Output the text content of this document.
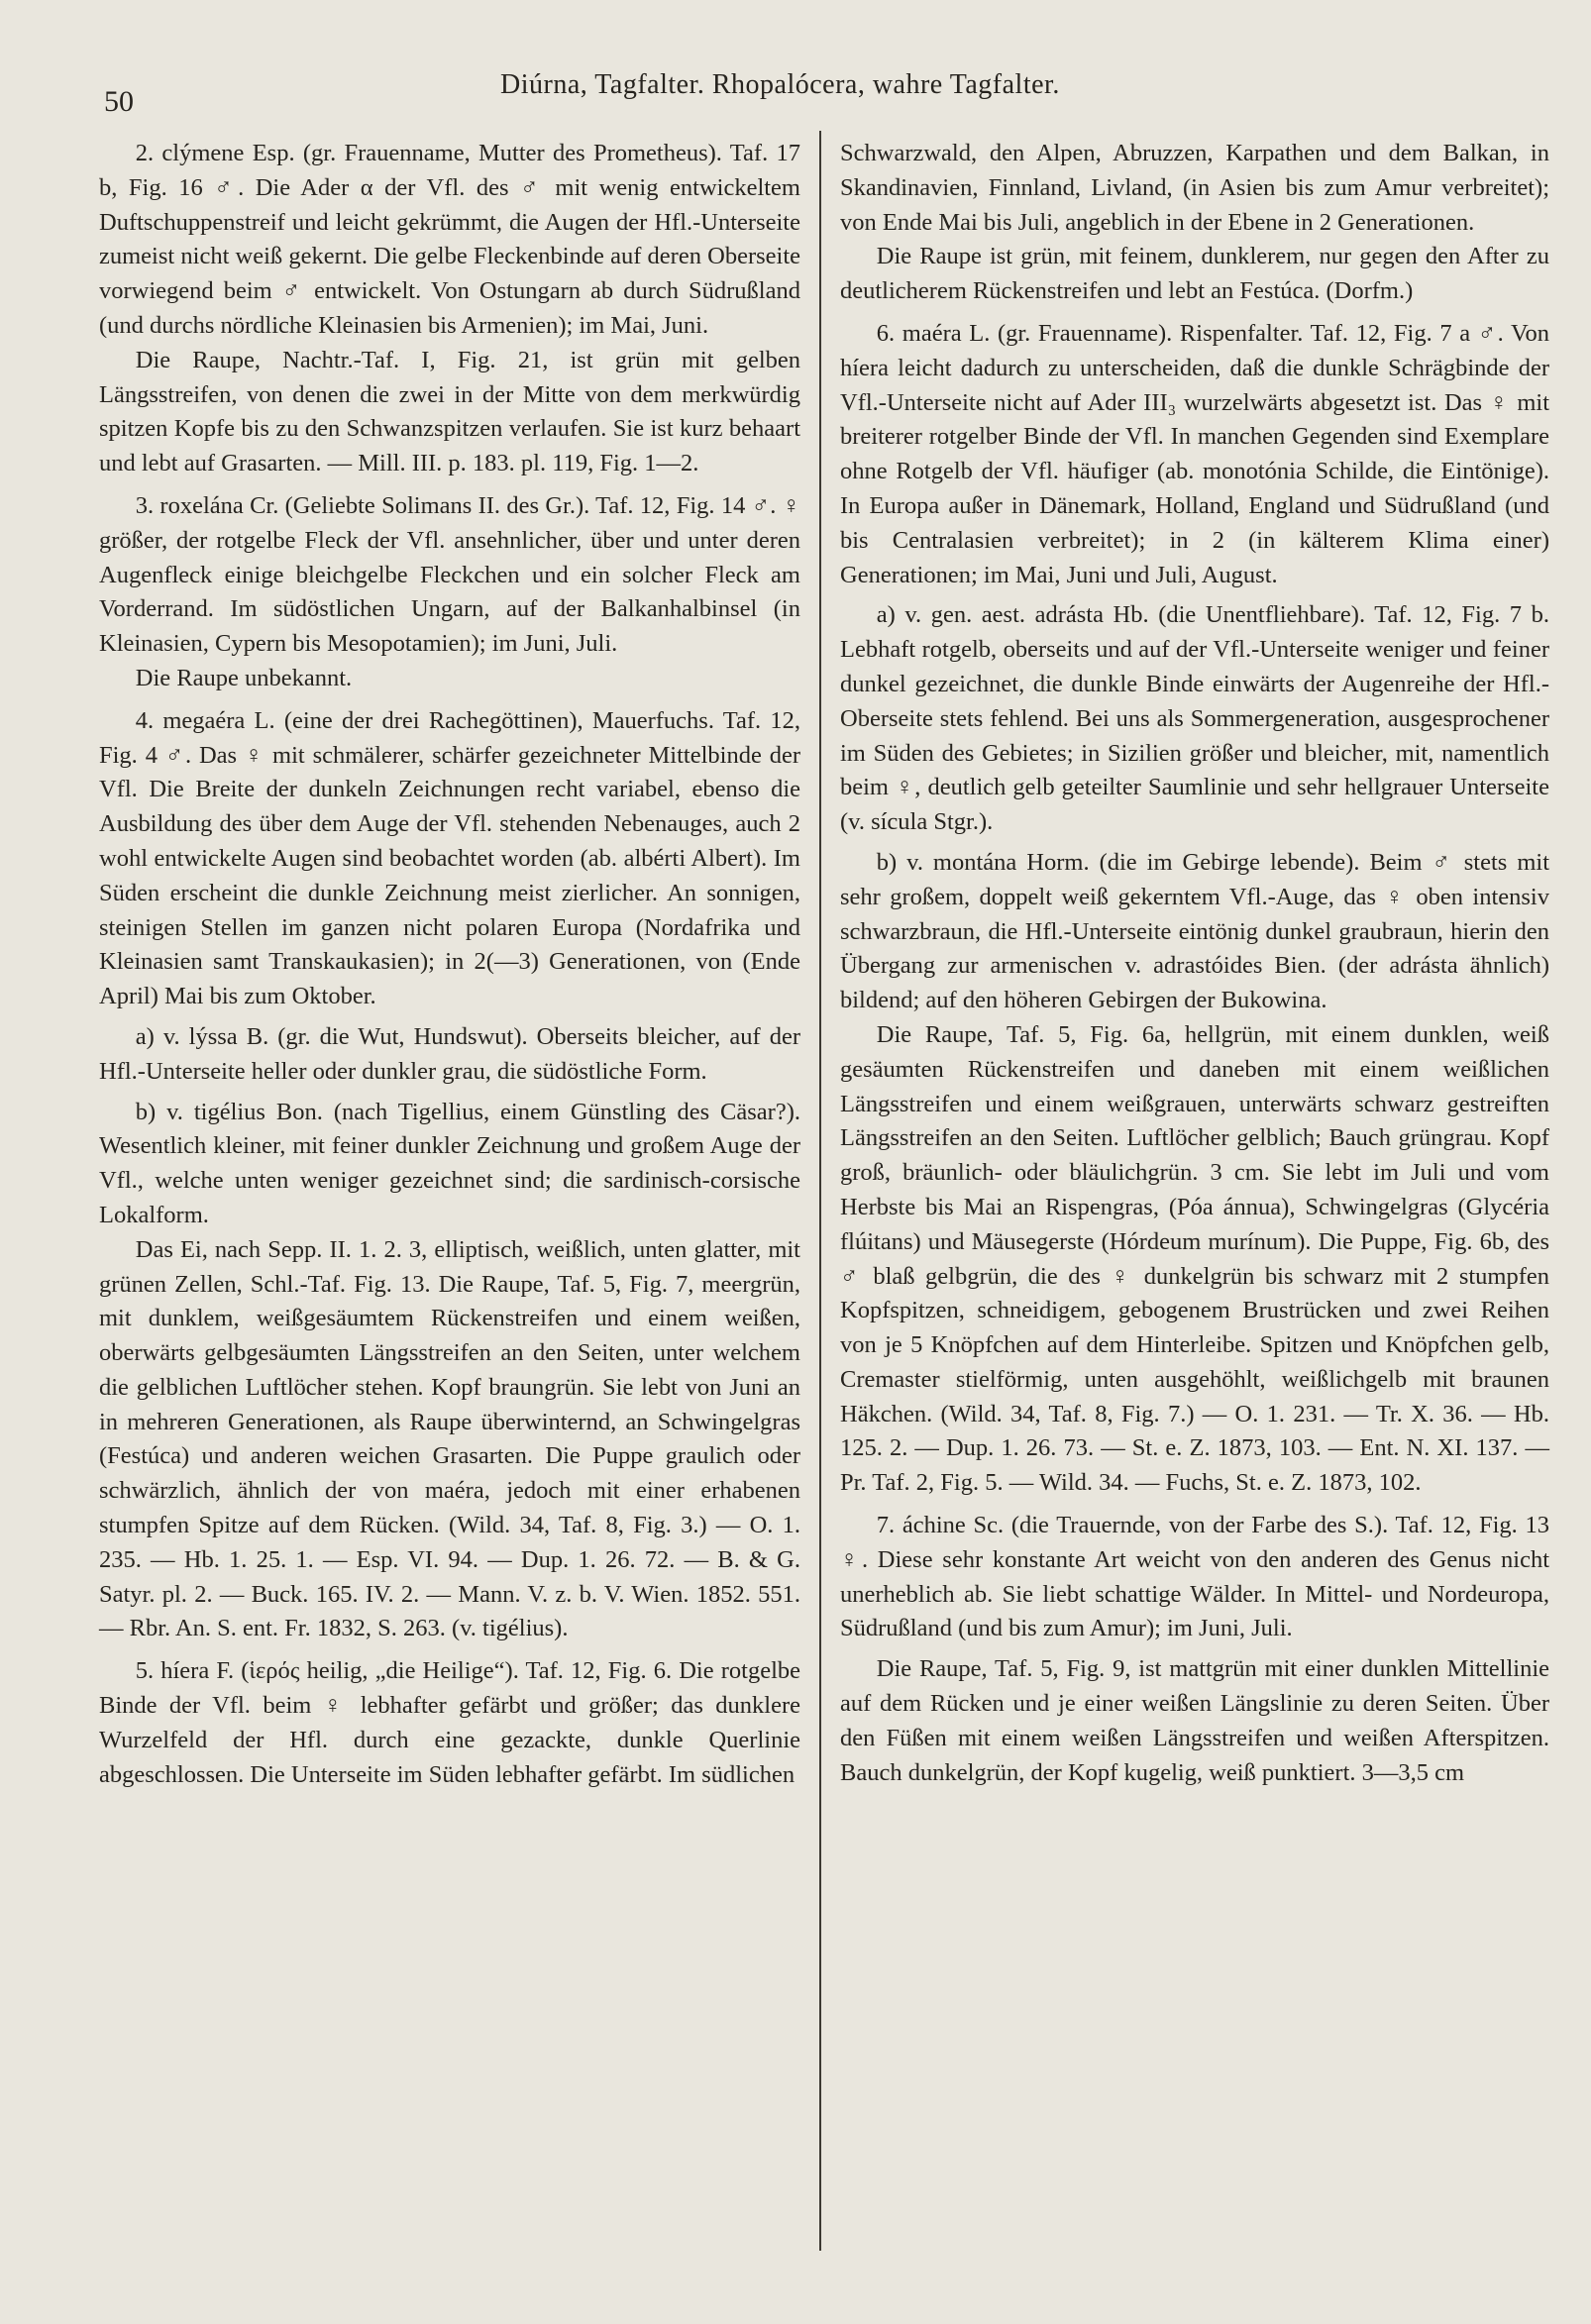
50
Diúrna, Tagfalter. Rhopalócera, wahre Tagfalter.

2. clýmene Esp. (gr. Frauenname, Mutter des Prometheus). Taf. 17 b, Fig. 16 ♂. Die Ader α der Vfl. des ♂ mit wenig entwickeltem Duftschuppenstreif und leicht gekrümmt, die Augen der Hfl.-Unterseite zumeist nicht weiß gekernt. Die gelbe Fleckenbinde auf deren Oberseite vorwiegend beim ♂ entwickelt. Von Ostungarn ab durch Südrußland (und durchs nördliche Kleinasien bis Armenien); im Mai, Juni.

Die Raupe, Nachtr.-Taf. I, Fig. 21, ist grün mit gelben Längsstreifen, von denen die zwei in der Mitte von dem merkwürdig spitzen Kopfe bis zu den Schwanzspitzen verlaufen. Sie ist kurz behaart und lebt auf Grasarten. — Mill. III. p. 183. pl. 119, Fig. 1—2.

3. roxelána Cr. (Geliebte Solimans II. des Gr.). Taf. 12, Fig. 14 ♂. ♀ größer, der rotgelbe Fleck der Vfl. ansehnlicher, über und unter deren Augenfleck einige bleichgelbe Fleckchen und ein solcher Fleck am Vorderrand. Im südöstlichen Ungarn, auf der Balkanhalbinsel (in Kleinasien, Cypern bis Mesopotamien); im Juni, Juli.

Die Raupe unbekannt.

4. megaéra L. (eine der drei Rachegöttinen), Mauerfuchs. Taf. 12, Fig. 4 ♂. Das ♀ mit schmälerer, schärfer gezeichneter Mittelbinde der Vfl. Die Breite der dunkeln Zeichnungen recht variabel, ebenso die Ausbildung des über dem Auge der Vfl. stehenden Nebenauges, auch 2 wohl entwickelte Augen sind beobachtet worden (ab. albérti Albert). Im Süden erscheint die dunkle Zeichnung meist zierlicher. An sonnigen, steinigen Stellen im ganzen nicht polaren Europa (Nordafrika und Kleinasien samt Transkaukasien); in 2(—3) Generationen, von (Ende April) Mai bis zum Oktober.

a) v. lýssa B. (gr. die Wut, Hundswut). Oberseits bleicher, auf der Hfl.-Unterseite heller oder dunkler grau, die südöstliche Form.

b) v. tigélius Bon. (nach Tigellius, einem Günstling des Cäsar?). Wesentlich kleiner, mit feiner dunkler Zeichnung und großem Auge der Vfl., welche unten weniger gezeichnet sind; die sardinisch-corsische Lokalform.

Das Ei, nach Sepp. II. 1. 2. 3, elliptisch, weißlich, unten glatter, mit grünen Zellen, Schl.-Taf. Fig. 13. Die Raupe, Taf. 5, Fig. 7, meergrün, mit dunklem, weißgesäumtem Rückenstreifen und einem weißen, oberwärts gelbgesäumten Längsstreifen an den Seiten, unter welchem die gelblichen Luftlöcher stehen. Kopf braungrün. Sie lebt von Juni an in mehreren Generationen, als Raupe überwinternd, an Schwingelgras (Festúca) und anderen weichen Grasarten. Die Puppe graulich oder schwärzlich, ähnlich der von maéra, jedoch mit einer erhabenen stumpfen Spitze auf dem Rücken. (Wild. 34, Taf. 8, Fig. 3.) — O. 1. 235. — Hb. 1. 25. 1. — Esp. VI. 94. — Dup. 1. 26. 72. — B. & G. Satyr. pl. 2. — Buck. 165. IV. 2. — Mann. V. z. b. V. Wien. 1852. 551. — Rbr. An. S. ent. Fr. 1832, S. 263. (v. tigélius).

5. híera F. (ἱερός heilig, „die Heilige“). Taf. 12, Fig. 6. Die rotgelbe Binde der Vfl. beim ♀ lebhafter gefärbt und größer; das dunklere Wurzelfeld der Hfl. durch eine gezackte, dunkle Querlinie abgeschlossen. Die Unterseite im Süden lebhafter gefärbt. Im südlichen

Schwarzwald, den Alpen, Abruzzen, Karpathen und dem Balkan, in Skandinavien, Finnland, Livland, (in Asien bis zum Amur verbreitet); von Ende Mai bis Juli, angeblich in der Ebene in 2 Generationen.

Die Raupe ist grün, mit feinem, dunklerem, nur gegen den After zu deutlicherem Rückenstreifen und lebt an Festúca. (Dorfm.)

6. maéra L. (gr. Frauenname). Rispenfalter. Taf. 12, Fig. 7 a ♂. Von híera leicht dadurch zu unterscheiden, daß die dunkle Schrägbinde der Vfl.-Unterseite nicht auf Ader III₃ wurzelwärts abgesetzt ist. Das ♀ mit breiterer rotgelber Binde der Vfl. In manchen Gegenden sind Exemplare ohne Rotgelb der Vfl. häufiger (ab. monotónia Schilde, die Eintönige). In Europa außer in Dänemark, Holland, England und Südrußland (und bis Centralasien verbreitet); in 2 (in kälterem Klima einer) Generationen; im Mai, Juni und Juli, August.

a) v. gen. aest. adrásta Hb. (die Unentfliehbare). Taf. 12, Fig. 7 b. Lebhaft rotgelb, oberseits und auf der Vfl.-Unterseite weniger und feiner dunkel gezeichnet, die dunkle Binde einwärts der Augenreihe der Hfl.-Oberseite stets fehlend. Bei uns als Sommergeneration, ausgesprochener im Süden des Gebietes; in Sizilien größer und bleicher, mit, namentlich beim ♀, deutlich gelb geteilter Saumlinie und sehr hellgrauer Unterseite (v. sícula Stgr.).

b) v. montána Horm. (die im Gebirge lebende). Beim ♂ stets mit sehr großem, doppelt weiß gekerntem Vfl.-Auge, das ♀ oben intensiv schwarzbraun, die Hfl.-Unterseite eintönig dunkel graubraun, hierin den Übergang zur armenischen v. adrastóides Bien. (der adrásta ähnlich) bildend; auf den höheren Gebirgen der Bukowina.

Die Raupe, Taf. 5, Fig. 6a, hellgrün, mit einem dunklen, weiß gesäumten Rückenstreifen und daneben mit einem weißlichen Längsstreifen und einem weißgrauen, unterwärts schwarz gestreiften Längsstreifen an den Seiten. Luftlöcher gelblich; Bauch grüngrau. Kopf groß, bräunlich- oder bläulichgrün. 3 cm. Sie lebt im Juli und vom Herbste bis Mai an Rispengras, (Póa ánnua), Schwingelgras (Glycéria flúitans) und Mäusegerste (Hórdeum murínum). Die Puppe, Fig. 6b, des ♂ blaß gelbgrün, die des ♀ dunkelgrün bis schwarz mit 2 stumpfen Kopfspitzen, schneidigem, gebogenem Brustrücken und zwei Reihen von je 5 Knöpfchen auf dem Hinterleibe. Spitzen und Knöpfchen gelb, Cremaster stielförmig, unten ausgehöhlt, weißlichgelb mit braunen Häkchen. (Wild. 34, Taf. 8, Fig. 7.) — O. 1. 231. — Tr. X. 36. — Hb. 125. 2. — Dup. 1. 26. 73. — St. e. Z. 1873, 103. — Ent. N. XI. 137. — Pr. Taf. 2, Fig. 5. — Wild. 34. — Fuchs, St. e. Z. 1873, 102.

7. áchine Sc. (die Trauernde, von der Farbe des S.). Taf. 12, Fig. 13 ♀. Diese sehr konstante Art weicht von den anderen des Genus nicht unerheblich ab. Sie liebt schattige Wälder. In Mittel- und Nordeuropa, Südrußland (und bis zum Amur); im Juni, Juli.

Die Raupe, Taf. 5, Fig. 9, ist mattgrün mit einer dunklen Mittellinie auf dem Rücken und je einer weißen Längslinie zu deren Seiten. Über den Füßen mit einem weißen Längsstreifen und weißen Afterspitzen. Bauch dunkelgrün, der Kopf kugelig, weiß punktiert. 3—3,5 cm
